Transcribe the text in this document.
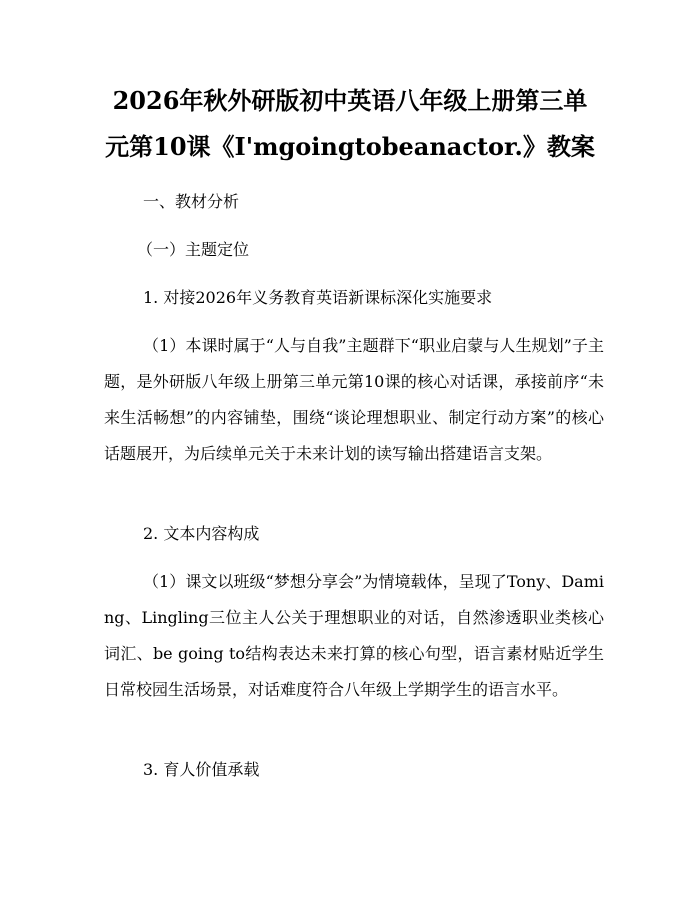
2026年秋外研版初中英语八年级上册第三单
元第10课《I'mgoingtobeanactor.》教案

一、教材分析

（一）主题定位

1. 对接2026年义务教育英语新课标深化实施要求

（1）本课时属于“人与自我”主题群下“职业启蒙与人生规划”子主题，是外研版八年级上册第三单元第10课的核心对话课，承接前序“未来生活畅想”的内容铺垫，围绕“谈论理想职业、制定行动方案”的核心话题展开，为后续单元关于未来计划的读写输出搭建语言支架。

2. 文本内容构成

（1）课文以班级“梦想分享会”为情境载体，呈现了Tony、Daming、Lingling三位主人公关于理想职业的对话，自然渗透职业类核心词汇、be going to结构表达未来打算的核心句型，语言素材贴近学生日常校园生活场景，对话难度符合八年级上学期学生的语言水平。

3. 育人价值承载
